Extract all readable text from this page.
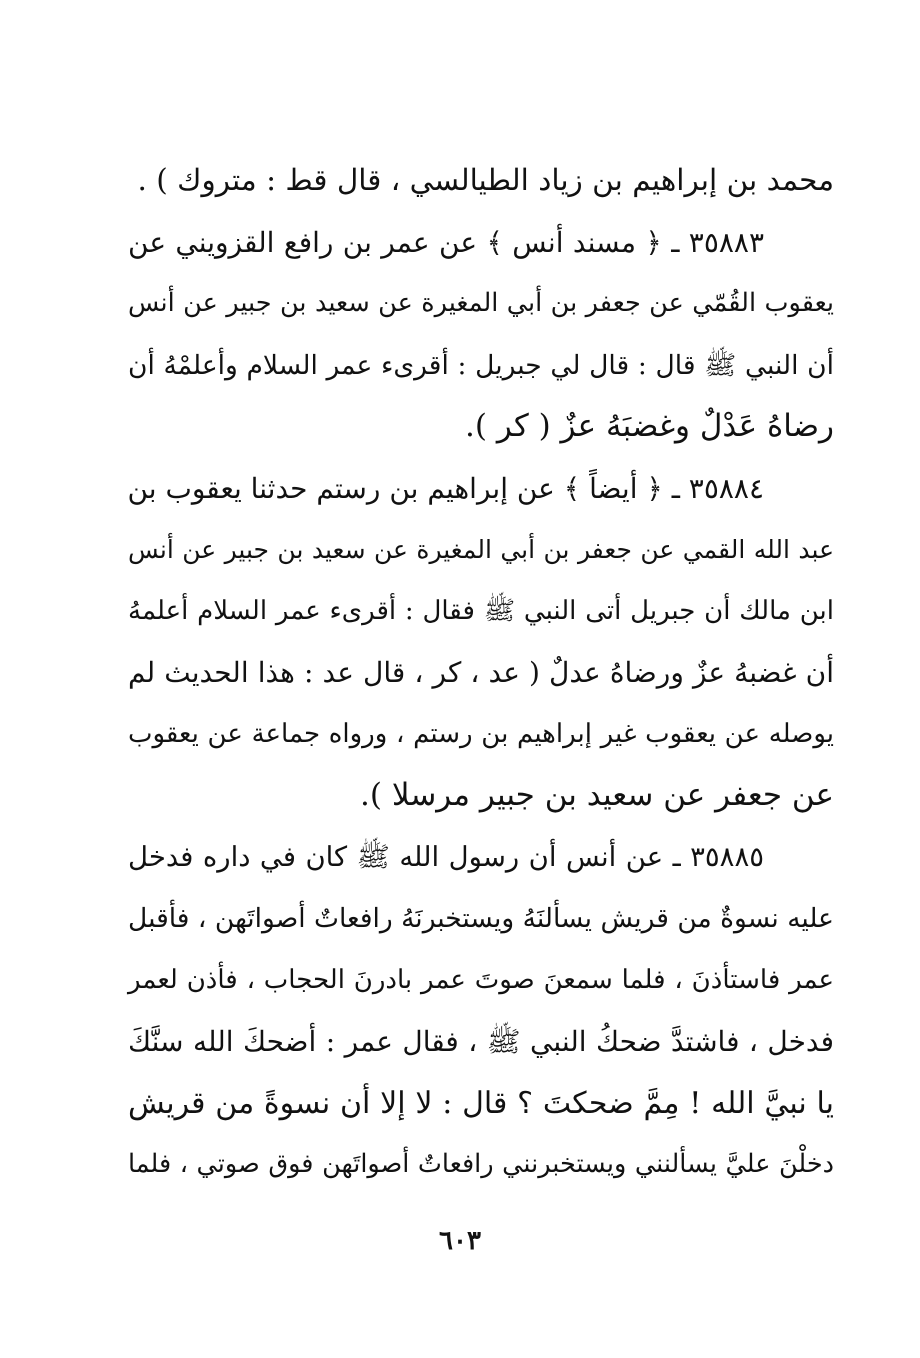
محمد بن إبراهيم بن زياد الطيالسي ، قال قط : متروك ) .
٣٥٨٨٣ ـ ﴿ مسند أنس ﴾ عن عمر بن رافع القزويني عن
يعقوب القُمّي عن جعفر بن أبي المغيرة عن سعيد بن جبير عن أنس
أن النبي ﷺ قال : قال لي جبريل : أقرىء عمر السلام وأعلمْهُ أن
رضاهُ عَدْلٌ وغضبَهُ عزٌ ( كر ).
٣٥٨٨٤ ـ ﴿ أيضاً ﴾ عن إبراهيم بن رستم حدثنا يعقوب بن
عبد الله القمي عن جعفر بن أبي المغيرة عن سعيد بن جبير عن أنس
ابن مالك أن جبريل أتى النبي ﷺ فقال : أقرىء عمر السلام أعلمهُ
أن غضبهُ عزٌ ورضاهُ عدلٌ ( عد ، كر ، قال عد : هذا الحديث لم
يوصله عن يعقوب غير إبراهيم بن رستم ، ورواه جماعة عن يعقوب
عن جعفر عن سعيد بن جبير مرسلا ).
٣٥٨٨٥ ـ عن أنس أن رسول الله ﷺ كان في داره فدخل
عليه نسوةٌ من قريش يسألنَهُ ويستخبرنَهُ رافعاتٌ أصواتَهن ، فأقبل
عمر فاستأذنَ ، فلما سمعنَ صوتَ عمر بادرنَ الحجاب ، فأذن لعمر
فدخل ، فاشتدَّ ضحكُ النبي ﷺ ، فقال عمر : أضحكَ الله سنَّكَ
يا نبيَّ الله ! مِمَّ ضحكتَ ؟ قال : لا إلا أن نسوةً من قريش
دخلْنَ عليَّ يسألنني ويستخبرنني رافعاتٌ أصواتَهن فوق صوتي ، فلما
٦٠٣
